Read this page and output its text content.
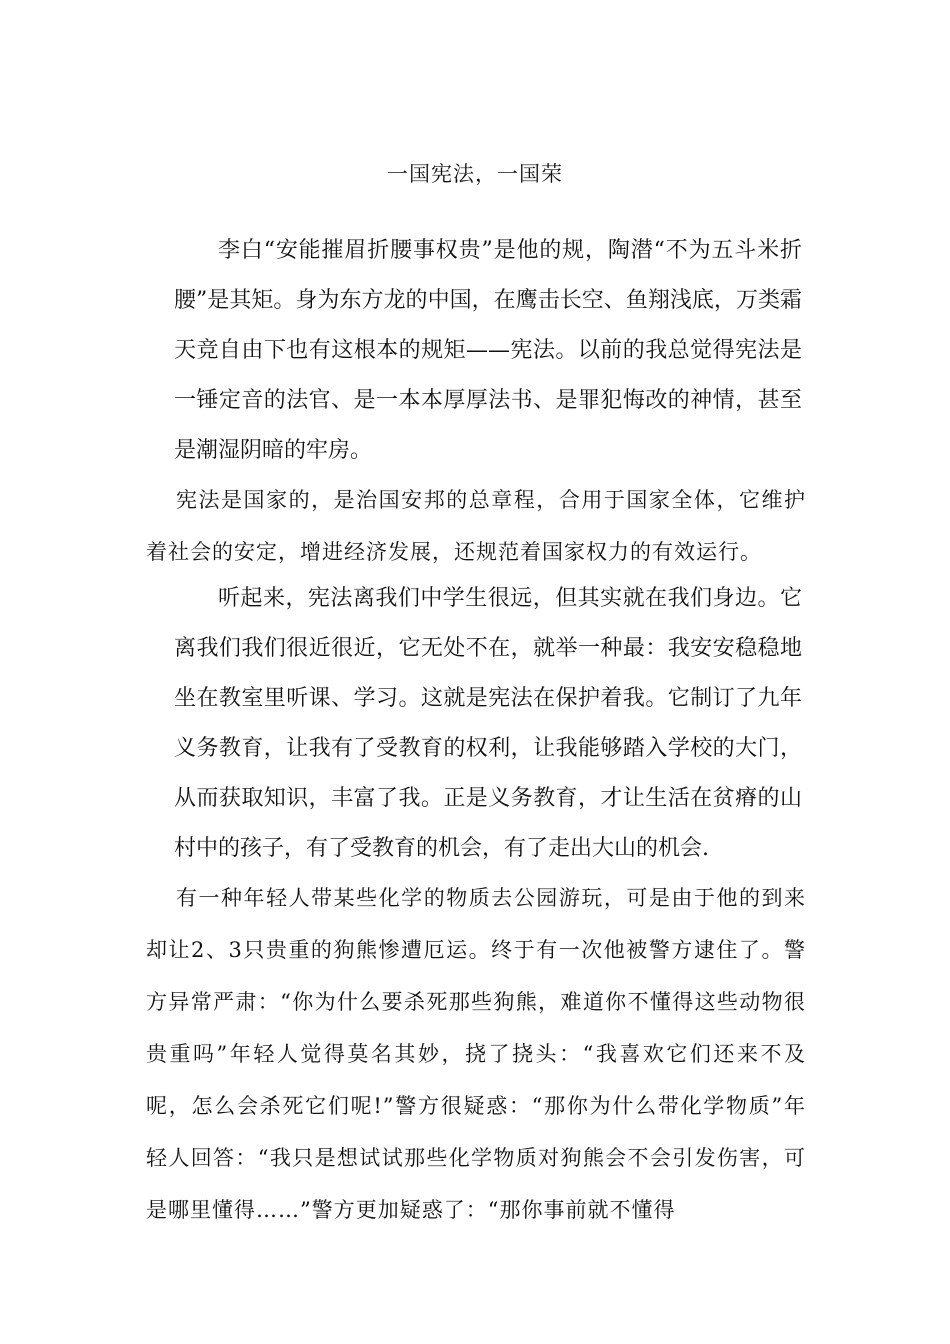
一国宪法，一国荣

李白“安能摧眉折腰事权贵”是他的规，陶潜“不为五斗米折腰”是其矩。身为东方龙的中国，在鹰击长空、鱼翔浅底，万类霜天竞自由下也有这根本的规矩——宪法。以前的我总觉得宪法是一锤定音的法官、是一本本厚厚法书、是罪犯悔改的神情，甚至是潮湿阴暗的牢房。

宪法是国家的，是治国安邦的总章程，合用于国家全体，它维护着社会的安定，增进经济发展，还规范着国家权力的有效运行。

听起来，宪法离我们中学生很远，但其实就在我们身边。它离我们我们很近很近，它无处不在，就举一种最：我安安稳稳地坐在教室里听课、学习。这就是宪法在保护着我。它制订了九年义务教育，让我有了受教育的权利，让我能够踏入学校的大门，从而获取知识，丰富了我。正是义务教育，才让生活在贫瘠的山村中的孩子，有了受教育的机会，有了走出大山的机会.

有一种年轻人带某些化学的物质去公园游玩，可是由于他的到来却让2、3只贵重的狗熊惨遭厄运。终于有一次他被警方逮住了。警方异常严肃：“你为什么要杀死那些狗熊，难道你不懂得这些动物很贵重吗”年轻人觉得莫名其妙，挠了挠头：“我喜欢它们还来不及呢，怎么会杀死它们呢!”警方很疑惑：“那你为什么带化学物质”年轻人回答：“我只是想试试那些化学物质对狗熊会不会引发伤害，可是哪里懂得……”警方更加疑惑了：“那你事前就不懂得
